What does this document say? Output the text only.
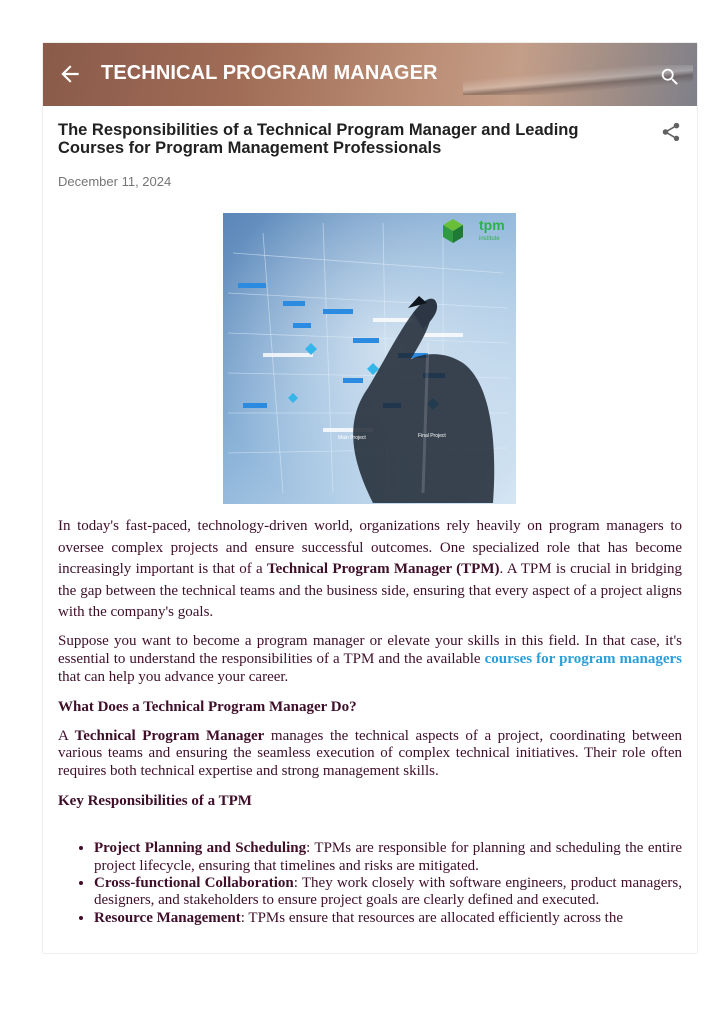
TECHNICAL PROGRAM MANAGER
The Responsibilities of a Technical Program Manager and Leading Courses for Program Management Professionals
December 11, 2024
tpm
institute
Main Project	Final Project

In today's fast-paced, technology-driven world, organizations rely heavily on program managers to oversee complex projects and ensure successful outcomes. One specialized role that has become increasingly important is that of a Technical Program Manager (TPM). A TPM is crucial in bridging the gap between the technical teams and the business side, ensuring that every aspect of a project aligns with the company's goals.

Suppose you want to become a program manager or elevate your skills in this field. In that case, it's essential to understand the responsibilities of a TPM and the available courses for program managers that can help you advance your career.

What Does a Technical Program Manager Do?

A Technical Program Manager manages the technical aspects of a project, coordinating between various teams and ensuring the seamless execution of complex technical initiatives. Their role often requires both technical expertise and strong management skills.

Key Responsibilities of a TPM

• Project Planning and Scheduling: TPMs are responsible for planning and scheduling the entire project lifecycle, ensuring that timelines and risks are mitigated.
• Cross-functional Collaboration: They work closely with software engineers, product managers, designers, and stakeholders to ensure project goals are clearly defined and executed.
• Resource Management: TPMs ensure that resources are allocated efficiently across the
